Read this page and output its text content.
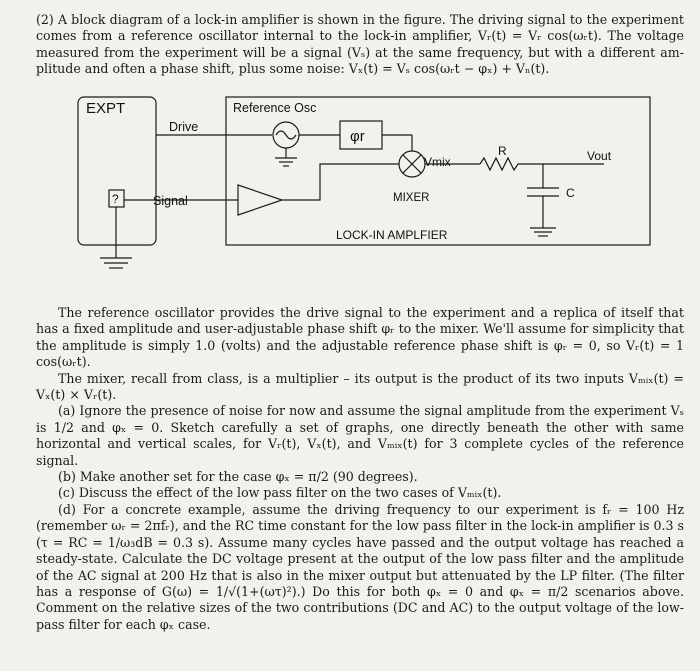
(2) A block diagram of a lock-in amplifier is shown in the figure. The driving signal to the experiment
comes from a reference oscillator internal to the lock-in amplifier, Vᵣ(t) = Vᵣ cos(ωᵣt). The voltage
measured from the experiment will be a signal (Vₛ) at the same frequency, but with a different am-
plitude and often a phase shift, plus some noise: Vₓ(t) = Vₛ cos(ωᵣt − φₓ) + Vₙ(t).
EXPT	Reference Osc
Drive
φr
Vmix
R	Vout
?	Signal	MIXER	C
LOCK-IN AMPLFIER

The reference oscillator provides the drive signal to the experiment and a replica of itself that has a fixed amplitude and user-adjustable phase shift φᵣ to the mixer. We'll assume for simplicity that the amplitude is simply 1.0 (volts) and the adjustable reference phase shift is φᵣ = 0, so Vᵣ(t) = 1 cos(ωᵣt).

The mixer, recall from class, is a multiplier – its output is the product of its two inputs Vₘᵢₓ(t) = Vₓ(t) × Vᵣ(t).

(a) Ignore the presence of noise for now and assume the signal amplitude from the experiment Vₛ is 1/2 and φₓ = 0. Sketch carefully a set of graphs, one directly beneath the other with same horizontal and vertical scales, for Vᵣ(t), Vₓ(t), and Vₘᵢₓ(t) for 3 complete cycles of the reference signal.

(b) Make another set for the case φₓ = π/2 (90 degrees).

(c) Discuss the effect of the low pass filter on the two cases of Vₘᵢₓ(t).

(d) For a concrete example, assume the driving frequency to our experiment is fᵣ = 100 Hz (remember ωᵣ = 2πfᵣ), and the RC time constant for the low pass filter in the lock-in amplifier is 0.3 s (τ = RC = 1/ω₃dB = 0.3 s). Assume many cycles have passed and the output voltage has reached a steady-state. Calculate the DC voltage present at the output of the low pass filter and the amplitude of the AC signal at 200 Hz that is also in the mixer output but attenuated by the LP filter. (The filter has a response of G(ω) = 1/√(1+(ωτ)²).) Do this for both φₓ = 0 and φₓ = π/2 scenarios above. Comment on the relative sizes of the two contributions (DC and AC) to the output voltage of the low-pass filter for each φₓ case.
